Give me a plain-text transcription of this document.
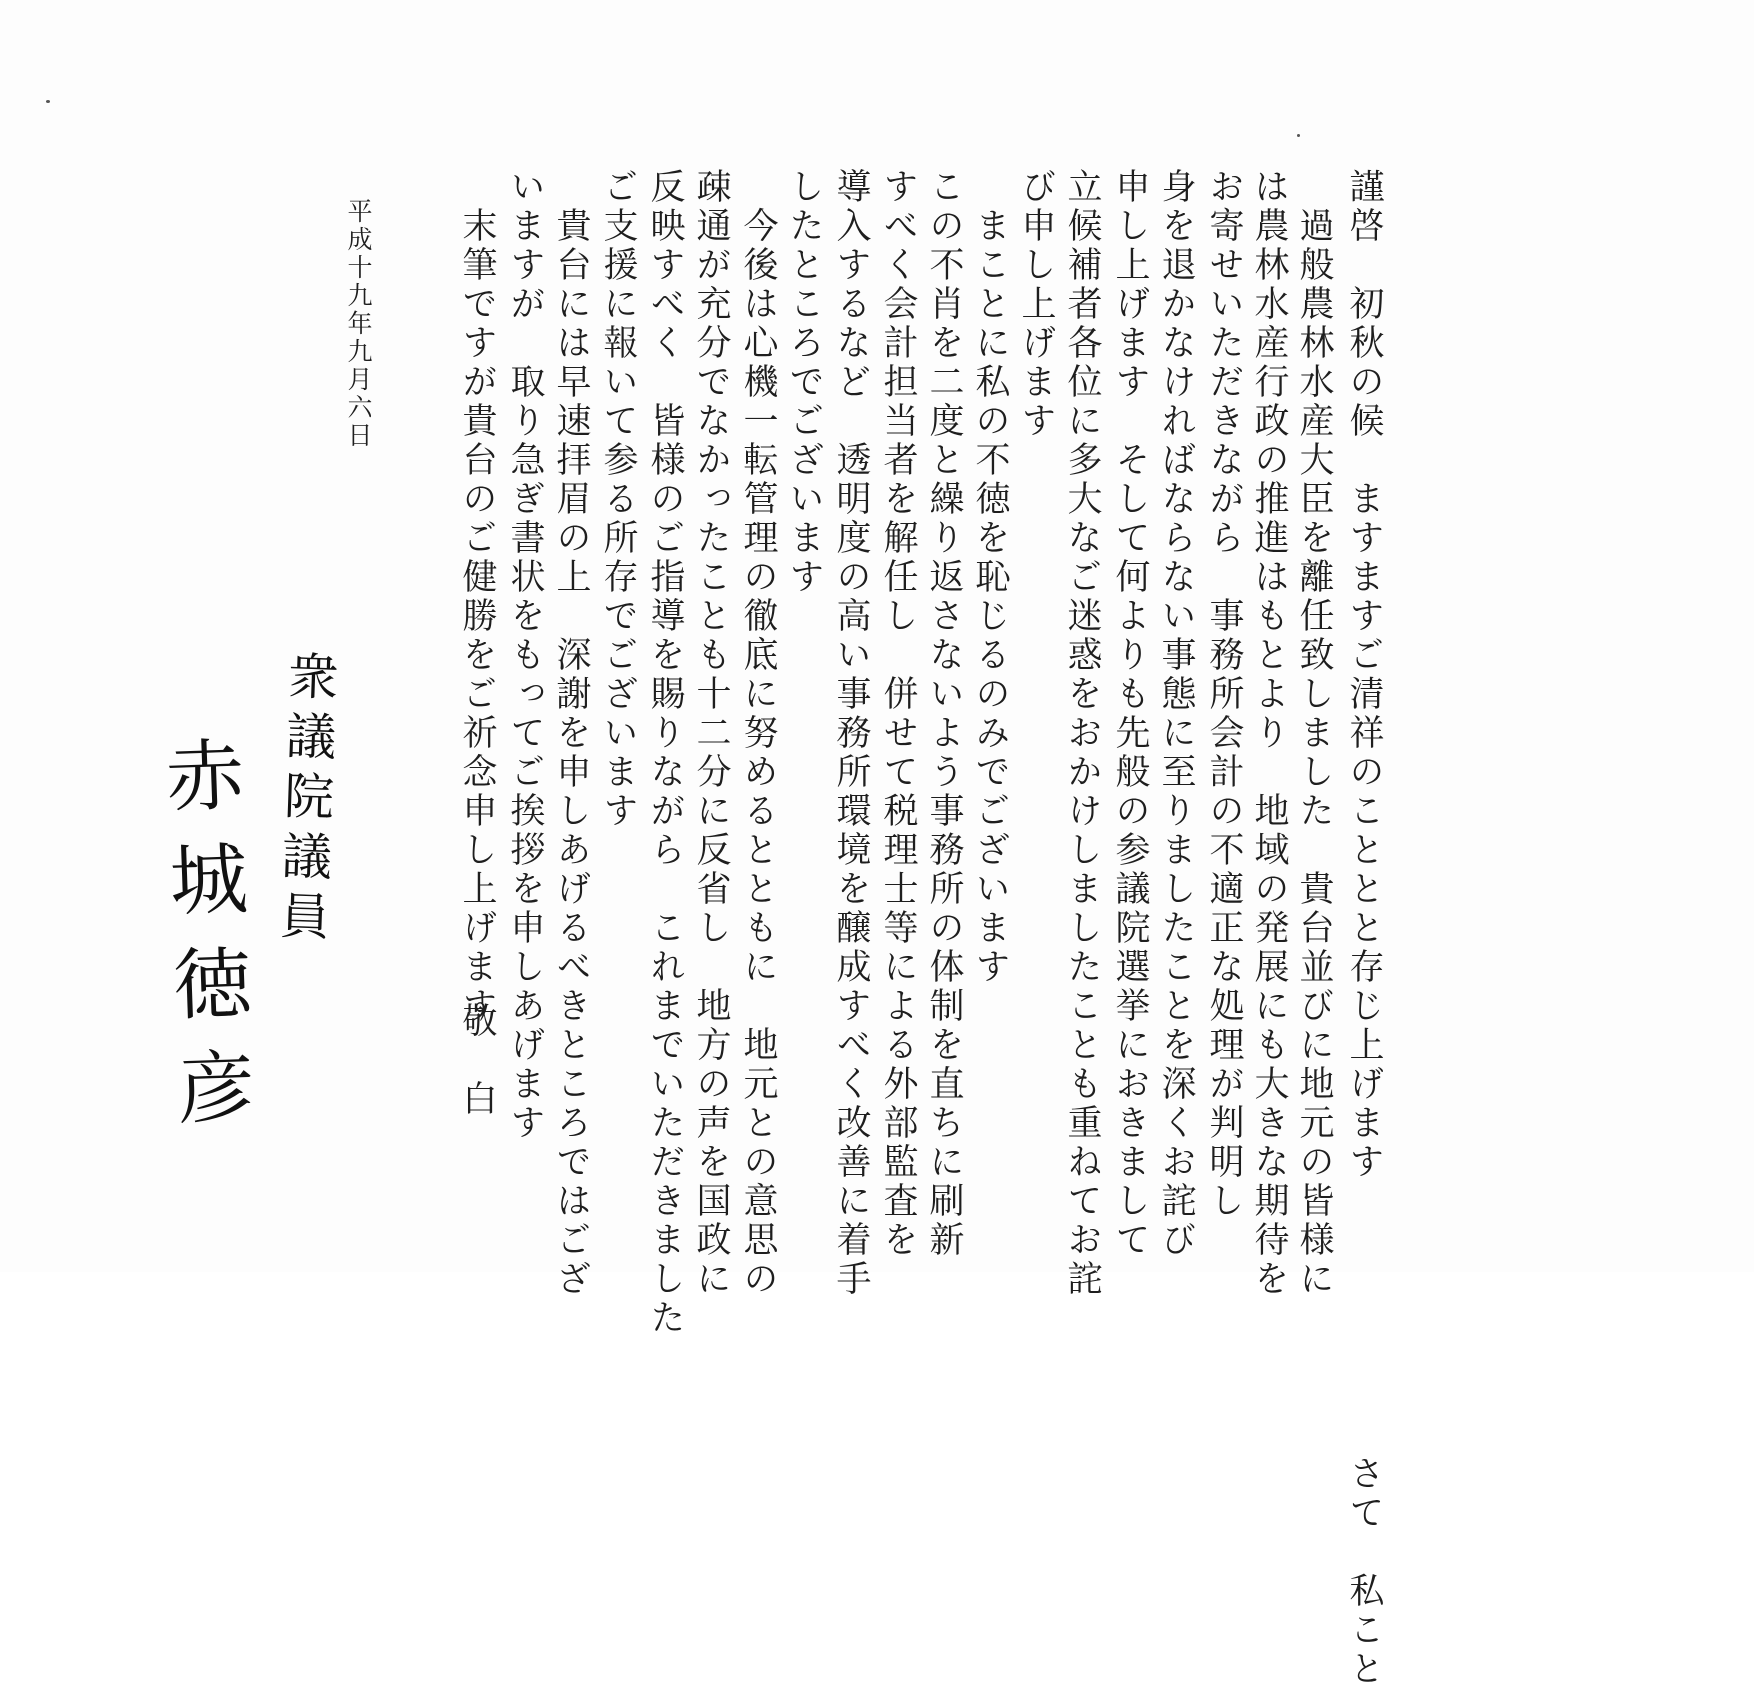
謹啓　初秋の候　ますますご清祥のこととと存じ上げます　　　　　　　さて　私こと
　過般農林水産大臣を離任致しました　貴台並びに地元の皆様に
は農林水産行政の推進はもとより　地域の発展にも大きな期待を
お寄せいただきながら　事務所会計の不適正な処理が判明し
身を退かなければならない事態に至りましたことを深くお詫び
申し上げます　そして何よりも先般の参議院選挙におきまして
立候補者各位に多大なご迷惑をおかけしましたことも重ねてお詫
び申し上げます
　まことに私の不徳を恥じるのみでございます
この不肖を二度と繰り返さないよう事務所の体制を直ちに刷新
すべく会計担当者を解任し　併せて税理士等による外部監査を
導入するなど　透明度の高い事務所環境を醸成すべく改善に着手
したところでございます
　今後は心機一転管理の徹底に努めるとともに　地元との意思の
疎通が充分でなかったことも十二分に反省し　地方の声を国政に
反映すべく　皆様のご指導を賜りながら　これまでいただきました
ご支援に報いて参る所存でございます
　貴台には早速拝眉の上　深謝を申しあげるべきところではござ
いますが　取り急ぎ書状をもってご挨拶を申しあげます
　末筆ですが貴台のご健勝をご祈念申し上げます
敬　白
平成十九年九月六日
衆議院議員
赤城徳彦
